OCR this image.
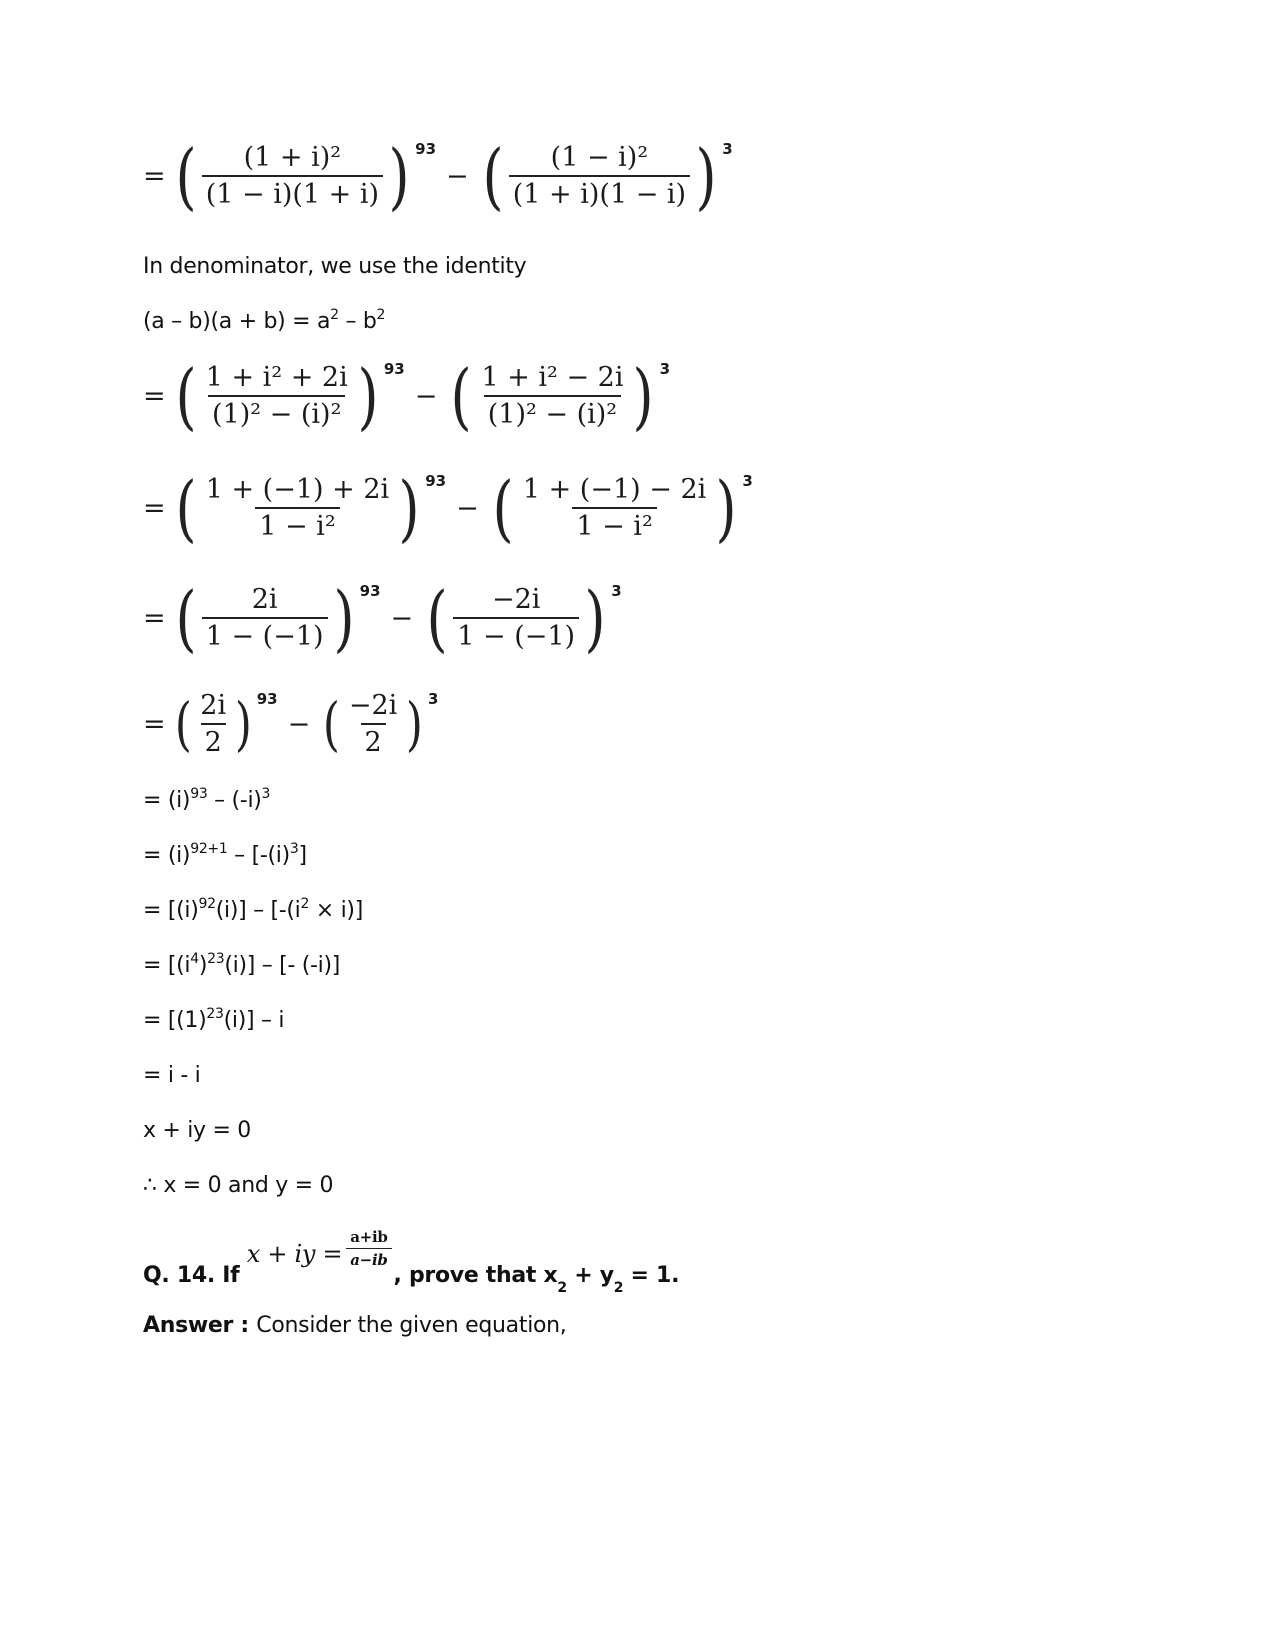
= ( $\frac{\text{(1 + i)²}}{(1 - i)(1 + i)}$ ) 93
− ( $\frac{\text{(1 − i)²}}{(1 + i)(1 - i)}$ ) 3
In denominator, we use the identity
$(a - b)(a + b) = a^2 - b^2$
= ( $\frac{\text{1 + i² + 2i}}{\text{(1)² − (i)²}}$ ) 93
− ( $\frac{\text{1 + i² − 2i}}{\text{(1)² − (i)²}}$ ) 3
= ( $\frac{1 + (-1) + 2i}{\text{1 − i²}}$ ) 93
− ( $\frac{1 + (-1) - 2i}{\text{1 − i²}}$ ) 3
= ( $\frac{2i}{1 - (-1)}$ ) 93
− ( $\frac{-2i}{1 - (-1)}$ ) 3
= ( $\frac{2i}{2}$ ) 93
− ( $\frac{-2i}{2}$ ) 3
= $(i)^{93} - (-i)^3$
= $(i)^{92+1} - [-(i)^3]$
= $[(i)^{92}(i)] - [-(i^2 \times i)]$
= $[(i^4)^{23}(i)]$ – [- (-i)]
= $[(1)^{23}(i)]$ – i
= i - i
x + iy = 0
∴ x = 0 and y = 0
Q. 14. If
x + iy = $\frac{a+ib}{a-ib}$
, prove that x 2 + y 2 = 1.
Answer : Consider the given equation,
